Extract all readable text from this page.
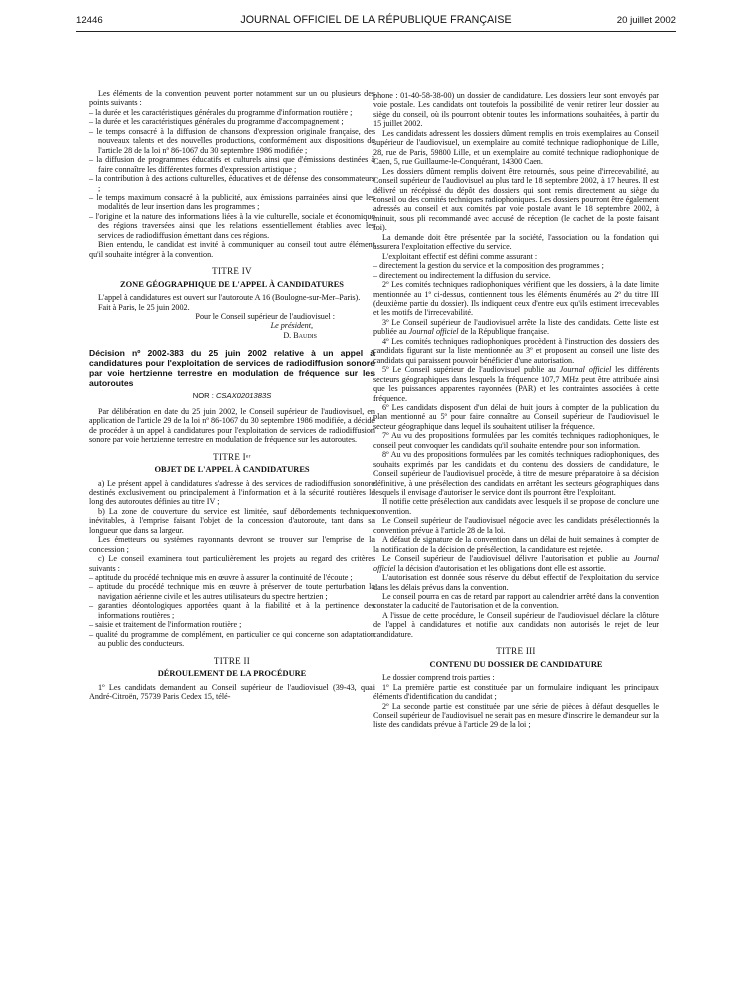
12446	JOURNAL OFFICIEL DE LA RÉPUBLIQUE FRANÇAISE	20 juillet 2002

Les éléments de la convention peuvent porter notamment sur un ou plusieurs des points suivants :

– la durée et les caractéristiques générales du programme d'information routière ;

– la durée et les caractéristiques générales du programme d'accompagnement ;

– le temps consacré à la diffusion de chansons d'expression originale française, des nouveaux talents et des nouvelles productions, conformément aux dispositions de l'article 28 de la loi nº 86-1067 du 30 septembre 1986 modifiée ;

– la diffusion de programmes éducatifs et culturels ainsi que d'émissions destinées à faire connaître les différentes formes d'expression artistique ;

– la contribution à des actions culturelles, éducatives et de défense des consommateurs ;

– le temps maximum consacré à la publicité, aux émissions parrainées ainsi que les modalités de leur insertion dans les programmes ;

– l'origine et la nature des informations liées à la vie culturelle, sociale et économique des régions traversées ainsi que les relations essentiellement établies avec les services de radiodiffusion émettant dans ces régions.

Bien entendu, le candidat est invité à communiquer au conseil tout autre élément qu'il souhaite intégrer à la convention.

TITRE IV
ZONE GÉOGRAPHIQUE DE L'APPEL À CANDIDATURES

L'appel à candidatures est ouvert sur l'autoroute A 16 (Boulogne-sur-Mer–Paris).

Fait à Paris, le 25 juin 2002.

Pour le Conseil supérieur de l'audiovisuel :

Le président,

D. Baudis

Décision nº 2002-383 du 25 juin 2002 relative à un appel à candidatures pour l'exploitation de services de radiodiffusion sonore par voie hertzienne terrestre en modulation de fréquence sur les autoroutes
NOR : CSAX0201383S

Par délibération en date du 25 juin 2002, le Conseil supérieur de l'audiovisuel, en application de l'article 29 de la loi nº 86-1067 du 30 septembre 1986 modifiée, a décidé de procéder à un appel à candidatures pour l'exploitation de services de radiodiffusion sonore par voie hertzienne terrestre en modulation de fréquence sur les autoroutes.

TITRE Iᵉʳ
OBJET DE L'APPEL À CANDIDATURES

a) Le présent appel à candidatures s'adresse à des services de radiodiffusion sonore destinés exclusivement ou principalement à l'information et à la sécurité routières le long des autoroutes définies au titre IV ;

b) La zone de couverture du service est limitée, sauf débordements techniques inévitables, à l'emprise faisant l'objet de la concession d'autoroute, tant dans sa longueur que dans sa largeur.

Les émetteurs ou systèmes rayonnants devront se trouver sur l'emprise de la concession ;

c) Le conseil examinera tout particulièrement les projets au regard des critères suivants :

– aptitude du procédé technique mis en œuvre à assurer la continuité de l'écoute ;

– aptitude du procédé technique mis en œuvre à préserver de toute perturbation la navigation aérienne civile et les autres utilisateurs du spectre hertzien ;

– garanties déontologiques apportées quant à la fiabilité et à la pertinence des informations routières ;

– saisie et traitement de l'information routière ;

– qualité du programme de complément, en particulier ce qui concerne son adaptation au public des conducteurs.

TITRE II
DÉROULEMENT DE LA PROCÉDURE

1º Les candidats demandent au Conseil supérieur de l'audiovisuel (39-43, quai André-Citroën, 75739 Paris Cedex 15, télé-

phone : 01-40-58-38-00) un dossier de candidature. Les dossiers leur sont envoyés par voie postale. Les candidats ont toutefois la possibilité de venir retirer leur dossier au siège du conseil, où ils pourront obtenir toutes les informations souhaitées, à partir du 15 juillet 2002.

Les candidats adressent les dossiers dûment remplis en trois exemplaires au Conseil supérieur de l'audiovisuel, un exemplaire au comité technique radiophonique de Lille, 28, rue de Paris, 59800 Lille, et un exemplaire au comité technique radiophonique de Caen, 5, rue Guillaume-le-Conquérant, 14300 Caen.

Les dossiers dûment remplis doivent être retournés, sous peine d'irrecevabilité, au Conseil supérieur de l'audiovisuel au plus tard le 18 septembre 2002, à 17 heures. Il est délivré un récépissé du dépôt des dossiers qui sont remis directement au siège du conseil ou des comités techniques radiophoniques. Les dossiers pourront être également adressés au conseil et aux comités par voie postale avant le 18 septembre 2002, à minuit, sous pli recommandé avec accusé de réception (le cachet de la poste faisant foi).

La demande doit être présentée par la société, l'association ou la fondation qui assurera l'exploitation effective du service.

L'exploitant effectif est défini comme assurant :

– directement la gestion du service et la composition des programmes ;

– directement ou indirectement la diffusion du service.

2º Les comités techniques radiophoniques vérifient que les dossiers, à la date limite mentionnée au 1º ci-dessus, contiennent tous les éléments énumérés au 2º du titre III (deuxième partie du dossier). Ils indiquent ceux d'entre eux qu'ils estiment irrecevables et les motifs de l'irrecevabilité.

3º Le Conseil supérieur de l'audiovisuel arrête la liste des candidats. Cette liste est publiée au Journal officiel de la République française.

4º Les comités techniques radiophoniques procèdent à l'instruction des dossiers des candidats figurant sur la liste mentionnée au 3º et proposent au conseil une liste des candidats qui paraissent pouvoir bénéficier d'une autorisation.

5º Le Conseil supérieur de l'audiovisuel publie au Journal officiel les différents secteurs géographiques dans lesquels la fréquence 107,7 MHz peut être attribuée ainsi que les puissances apparentes rayonnées (PAR) et les contraintes associées à cette fréquence.

6º Les candidats disposent d'un délai de huit jours à compter de la publication du plan mentionné au 5º pour faire connaître au Conseil supérieur de l'audiovisuel le secteur géographique dans lequel ils souhaitent utiliser la fréquence.

7º Au vu des propositions formulées par les comités techniques radiophoniques, le conseil peut convoquer les candidats qu'il souhaite entendre pour son information.

8º Au vu des propositions formulées par les comités techniques radiophoniques, des souhaits exprimés par les candidats et du contenu des dossiers de candidature, le Conseil supérieur de l'audiovisuel procède, à titre de mesure préparatoire à sa décision définitive, à une présélection des candidats en arrêtant les secteurs géographiques dans lesquels il envisage d'autoriser le service dont ils pourront être l'exploitant.

Il notifie cette présélection aux candidats avec lesquels il se propose de conclure une convention.

Le Conseil supérieur de l'audiovisuel négocie avec les candidats présélectionnés la convention prévue à l'article 28 de la loi.

A défaut de signature de la convention dans un délai de huit semaines à compter de la notification de la décision de présélection, la candidature est rejetée.

Le Conseil supérieur de l'audiovisuel délivre l'autorisation et publie au Journal officiel la décision d'autorisation et les obligations dont elle est assortie.

L'autorisation est donnée sous réserve du début effectif de l'exploitation du service dans les délais prévus dans la convention.

Le conseil pourra en cas de retard par rapport au calendrier arrêté dans la convention constater la caducité de l'autorisation et de la convention.

A l'issue de cette procédure, le Conseil supérieur de l'audiovisuel déclare la clôture de l'appel à candidatures et notifie aux candidats non autorisés le rejet de leur candidature.

TITRE III
CONTENU DU DOSSIER DE CANDIDATURE

Le dossier comprend trois parties :

1º La première partie est constituée par un formulaire indiquant les principaux éléments d'identification du candidat ;

2º La seconde partie est constituée par une série de pièces à défaut desquelles le Conseil supérieur de l'audiovisuel ne serait pas en mesure d'inscrire le demandeur sur la liste des candidats prévue à l'article 29 de la loi ;
